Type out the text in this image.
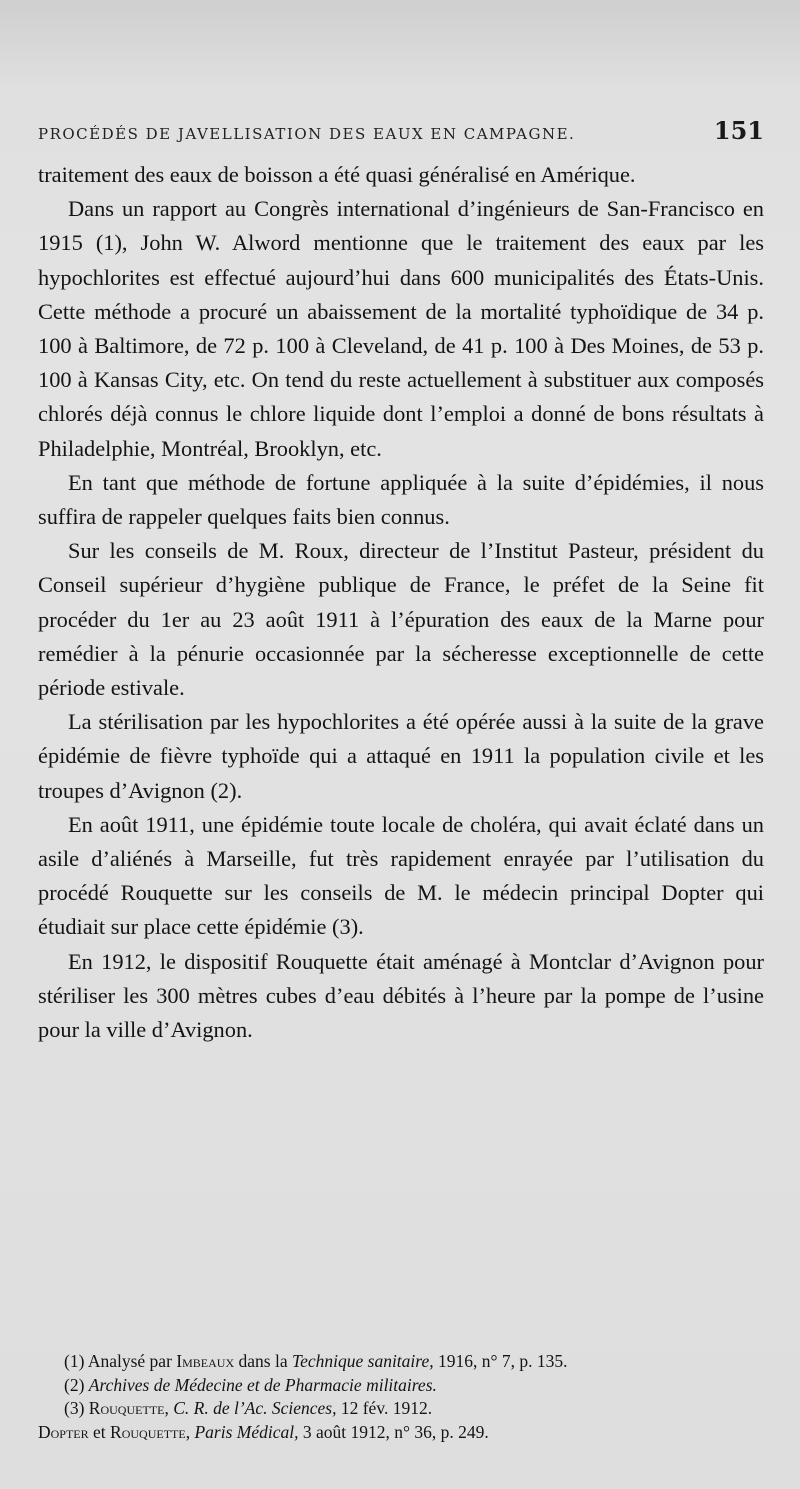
PROCÉDÉS DE JAVELLISATION DES EAUX EN CAMPAGNE.	151

traitement des eaux de boisson a été quasi généralisé en Amérique.

Dans un rapport au Congrès international d’ingénieurs de San-Francisco en 1915 (1), John W. Alword mentionne que le traitement des eaux par les hypochlorites est effectué aujourd’hui dans 600 municipalités des États-Unis. Cette méthode a procuré un abaissement de la mortalité typhoïdique de 34 p. 100 à Baltimore, de 72 p. 100 à Cleveland, de 41 p. 100 à Des Moines, de 53 p. 100 à Kansas City, etc. On tend du reste actuellement à substituer aux composés chlorés déjà connus le chlore liquide dont l’emploi a donné de bons résultats à Philadelphie, Montréal, Brooklyn, etc.

En tant que méthode de fortune appliquée à la suite d’épidémies, il nous suffira de rappeler quelques faits bien connus.

Sur les conseils de M. Roux, directeur de l’Institut Pasteur, président du Conseil supérieur d’hygiène publique de France, le préfet de la Seine fit procéder du 1er au 23 août 1911 à l’épuration des eaux de la Marne pour remédier à la pénurie occasionnée par la sécheresse exceptionnelle de cette période estivale.

La stérilisation par les hypochlorites a été opérée aussi à la suite de la grave épidémie de fièvre typhoïde qui a attaqué en 1911 la population civile et les troupes d’Avignon (2).

En août 1911, une épidémie toute locale de choléra, qui avait éclaté dans un asile d’aliénés à Marseille, fut très rapidement enrayée par l’utilisation du procédé Rouquette sur les conseils de M. le médecin principal Dopter qui étudiait sur place cette épidémie (3).

En 1912, le dispositif Rouquette était aménagé à Montclar d’Avignon pour stériliser les 300 mètres cubes d’eau débités à l’heure par la pompe de l’usine pour la ville d’Avignon.

(1) Analysé par Imbeaux dans la Technique sanitaire, 1916, n° 7, p. 135.
(2) Archives de Médecine et de Pharmacie militaires.
(3) Rouquette, C. R. de l’Ac. Sciences, 12 fév. 1912.
Dopter et Rouquette, Paris Médical, 3 août 1912, n° 36, p. 249.
